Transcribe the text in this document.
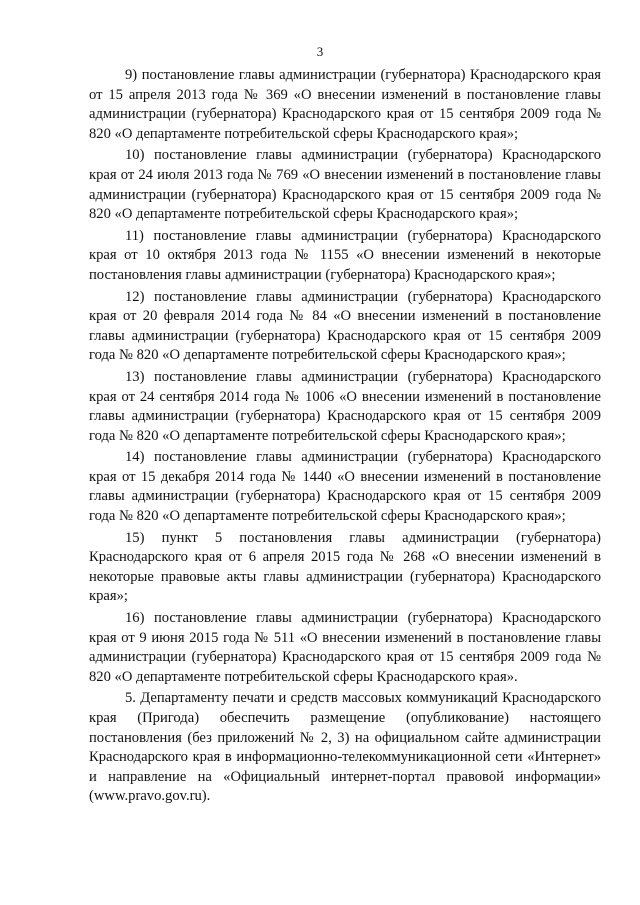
3

9) постановление главы администрации (губернатора) Краснодарского края от 15 апреля 2013 года № 369 «О внесении изменений в постановление главы администрации (губернатора) Краснодарского края от 15 сентября 2009 года № 820 «О департаменте потребительской сферы Краснодарского края»;

10) постановление главы администрации (губернатора) Краснодарского края от 24 июля 2013 года № 769 «О внесении изменений в постановление главы администрации (губернатора) Краснодарского края от 15 сентября 2009 года № 820 «О департаменте потребительской сферы Краснодарского края»;

11) постановление главы администрации (губернатора) Краснодарского края от 10 октября 2013 года № 1155 «О внесении изменений в некоторые постановления главы администрации (губернатора) Краснодарского края»;

12) постановление главы администрации (губернатора) Краснодарского края от 20 февраля 2014 года № 84 «О внесении изменений в постановление главы администрации (губернатора) Краснодарского края от 15 сентября 2009 года № 820 «О департаменте потребительской сферы Краснодарского края»;

13) постановление главы администрации (губернатора) Краснодарского края от 24 сентября 2014 года № 1006 «О внесении изменений в постановление главы администрации (губернатора) Краснодарского края от 15 сентября 2009 года № 820 «О департаменте потребительской сферы Краснодарского края»;

14) постановление главы администрации (губернатора) Краснодарского края от 15 декабря 2014 года № 1440 «О внесении изменений в постановление главы администрации (губернатора) Краснодарского края от 15 сентября 2009 года № 820 «О департаменте потребительской сферы Краснодарского края»;

15) пункт 5 постановления главы администрации (губернатора) Краснодарского края от 6 апреля 2015 года № 268 «О внесении изменений в некоторые правовые акты главы администрации (губернатора) Краснодарского края»;

16) постановление главы администрации (губернатора) Краснодарского края от 9 июня 2015 года № 511 «О внесении изменений в постановление главы администрации (губернатора) Краснодарского края от 15 сентября 2009 года № 820 «О департаменте потребительской сферы Краснодарского края».

5. Департаменту печати и средств массовых коммуникаций Краснодарского края (Пригода) обеспечить размещение (опубликование) настоящего постановления (без приложений № 2, 3) на официальном сайте администрации Краснодарского края в информационно-телекоммуникационной сети «Интернет» и направление на «Официальный интернет-портал правовой информации» (www.pravo.gov.ru).
